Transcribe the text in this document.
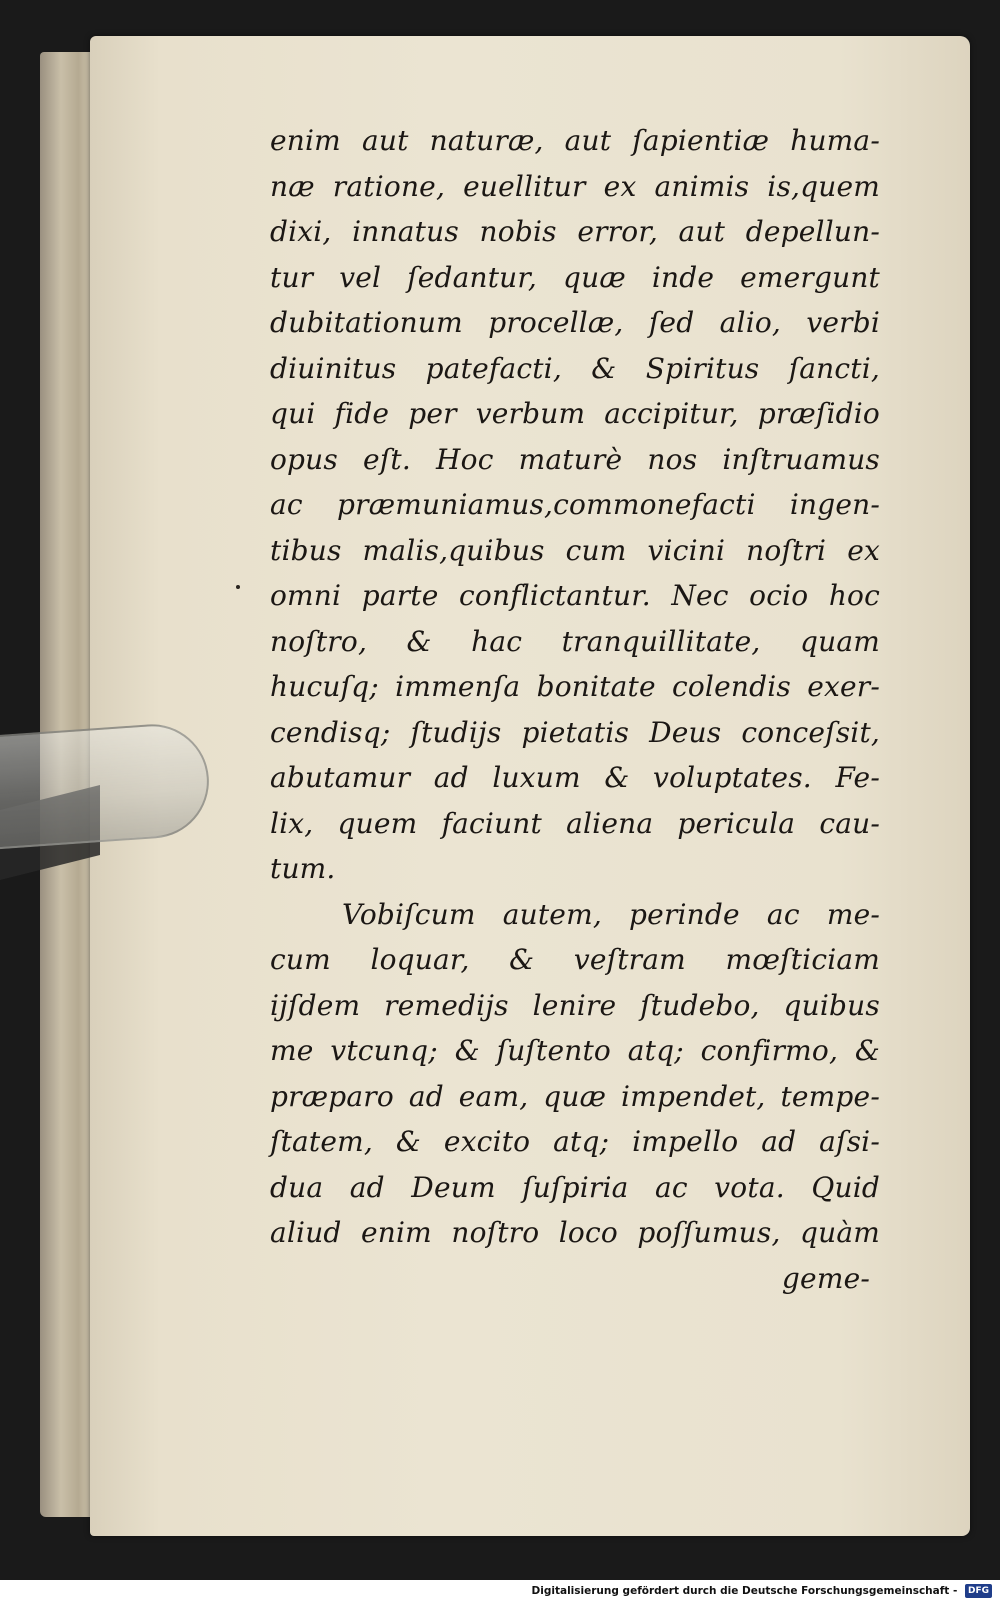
enim aut naturæ, aut ſapientiæ huma-
næ ratione, euellitur ex animis is,quem
dixi, innatus nobis error, aut depellun-
tur vel ſedantur, quæ inde emergunt
dubitationum procellæ, ſed alio, verbi
diuinitus patefacti, & Spiritus ſancti,
qui fide per verbum accipitur, præſidio
opus eſt. Hoc maturè nos inſtruamus
ac præmuniamus,commonefacti ingen-
tibus malis,quibus cum vicini noſtri ex
omni parte conflictantur. Nec ocio hoc
noſtro, & hac tranquillitate, quam
hucuſq; immenſa bonitate colendis exer-
cendisq; ſtudijs pietatis Deus conceſsit,
abutamur ad luxum & voluptates. Fe-
lix, quem faciunt aliena pericula cau-
tum.
Vobiſcum autem, perinde ac me-
cum loquar, & veſtram mœſticiam
ijſdem remedijs lenire ſtudebo, quibus
me vtcunq; & ſuſtento atq; confirmo, &
præparo ad eam, quæ impendet, tempe-
ſtatem, & excito atq; impello ad aſsi-
dua ad Deum ſuſpiria ac vota. Quid
aliud enim noſtro loco poſſumus, quàm
geme-
Digitalisierung gefördert durch die Deutsche Forschungsgemeinschaft - DFG
